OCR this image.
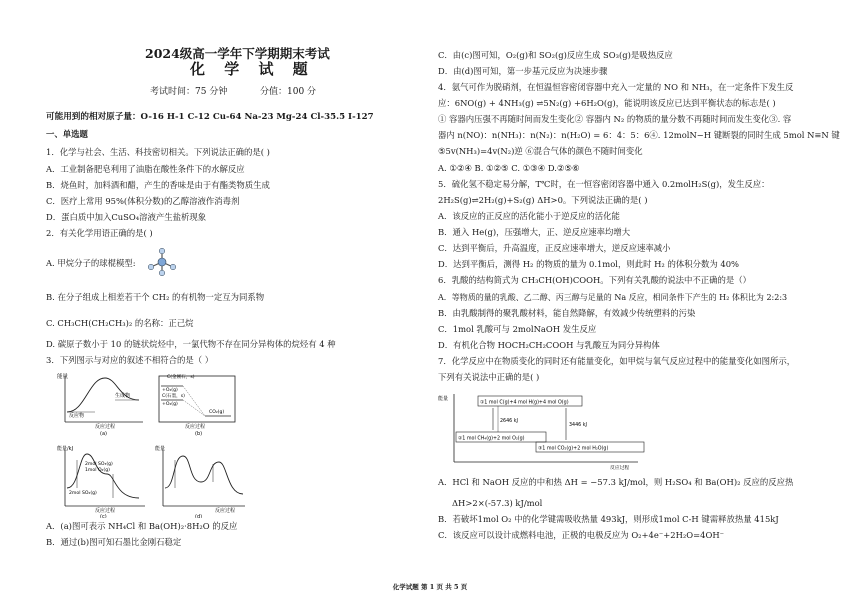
2024级高一学年下学期期末考试
化 学 试 题
考试时间：75 分钟	分值：100 分
可能用到的相对原子量：O-16 H-1 C-12 Cu-64 Na-23 Mg-24 Cl-35.5 I-127
一、单选题
1．化学与社会、生活、科技密切相关。下列说法正确的是( )
A．工业制备肥皂利用了油脂在酸性条件下的水解反应
B．烧鱼时，加料酒和醋，产生的香味是由于有酯类物质生成
C．医疗上常用 95%(体积分数)的乙醇溶液作消毒剂
D．蛋白质中加入CuSO₄溶液产生盐析现象
2．有关化学用语正确的是( )
A. 甲烷分子的球棍模型:
B. 在分子组成上相差若干个 CH₂ 的有机物一定互为同系物
C. CH₃CH(CH₂CH₃)₂ 的名称：正己烷
D. 碳原子数小于 10 的链状烷烃中，一氯代物不存在同分异构体的烷烃有 4 种
3．下列图示与对应的叙述不相符合的是（ ）
能量
反应物
生成物
反应过程
(a)
C(金刚石，s)
+O₂(g)
C(石墨，s)
+O₂(g)
CO₂(g)
反应过程
(b)
能量/kJ
2mol SO₃(g)
1mol O₂(g)
2mol SO₂(g)
反应过程
(c)
能量
反应过程
(d)
A．(a)图可表示 NH₄Cl 和 Ba(OH)₂·8H₂O 的反应
B．通过(b)图可知石墨比金刚石稳定
C．由(c)图可知，O₂(g)和 SO₂(g)反应生成 SO₃(g)是吸热反应
D．由(d)图可知，第一步基元反应为决速步骤
4．氨气可作为脱硝剂，在恒温恒容密闭容器中充入一定量的 NO 和 NH₃，在一定条件下发生反
应：6NO(g) + 4NH₃(g) ⇌5N₂(g) +6H₂O(g)，能说明该反应已达到平衡状态的标志是( )
① 容器内压强不再随时间而发生变化② 容器内 N₂ 的物质的量分数不再随时间而发生变化③. 容
器内 n(NO)：n(NH₃)：n(N₂)：n(H₂O) = 6：4：5：6④. 12molN−H 键断裂的同时生成 5mol N≡N 键
⑤5v(NH₃)=4v(N₂)逆 ⑥混合气体的颜色不随时间变化
A. ①②④ B. ①②⑤ C. ①③④ D.②⑤⑥
5．硫化氢不稳定易分解，T℃时，在一恒容密闭容器中通入 0.2molH₂S(g)，发生反应：
2H₂S(g)⇌2H₂(g)+S₂(g) ΔH>0。下列说法正确的是( )
A．该反应的正反应的活化能小于逆反应的活化能
B．通入 He(g)，压强增大，正、逆反应速率均增大
C．达到平衡后，升高温度，正反应速率增大，逆反应速率减小
D．达到平衡后，测得 H₂ 的物质的量为 0.1mol，则此时 H₂ 的体积分数为 40%
6．乳酸的结构简式为 CH₃CH(OH)COOH。下列有关乳酸的说法中不正确的是（）
A．等物质的量的乳酸、乙二醇、丙三醇与足量的 Na 反应，相同条件下产生的 H₂ 体积比为 2:2:3
B．由乳酸制得的聚乳酸材料，能自然降解，有效减少传统塑料的污染
C．1mol 乳酸可与 2molNaOH 发生反应
D．有机化合物 HOCH₂CH₂COOH 与乳酸互为同分异构体
7．化学反应中在物质变化的同时还有能量变化，如甲烷与氧气反应过程中的能量变化如图所示，
下列有关说法中正确的是( )
能量
①1 mol C(g)+4 mol H(g)+4 mol O(g)
2646 kJ
3446 kJ
②1 mol CH₄(g)+2 mol O₂(g)
③1 mol CO₂(g)+2 mol H₂O(g)
反应过程
A．HCl 和 NaOH 反应的中和热 ΔH = −57.3 kJ/mol，则 H₂SO₄ 和 Ba(OH)₂ 反应的反应热
ΔH>2×(-57.3) kJ/mol
B．若破坏1mol O₂ 中的化学键需吸收热量 493kJ，则形成1mol C-H 键需释放热量 415kJ
C．该反应可以设计成燃料电池，正极的电极反应为 O₂+4e⁻+2H₂O=4OH⁻
化学试题 第 1 页 共 5 页
